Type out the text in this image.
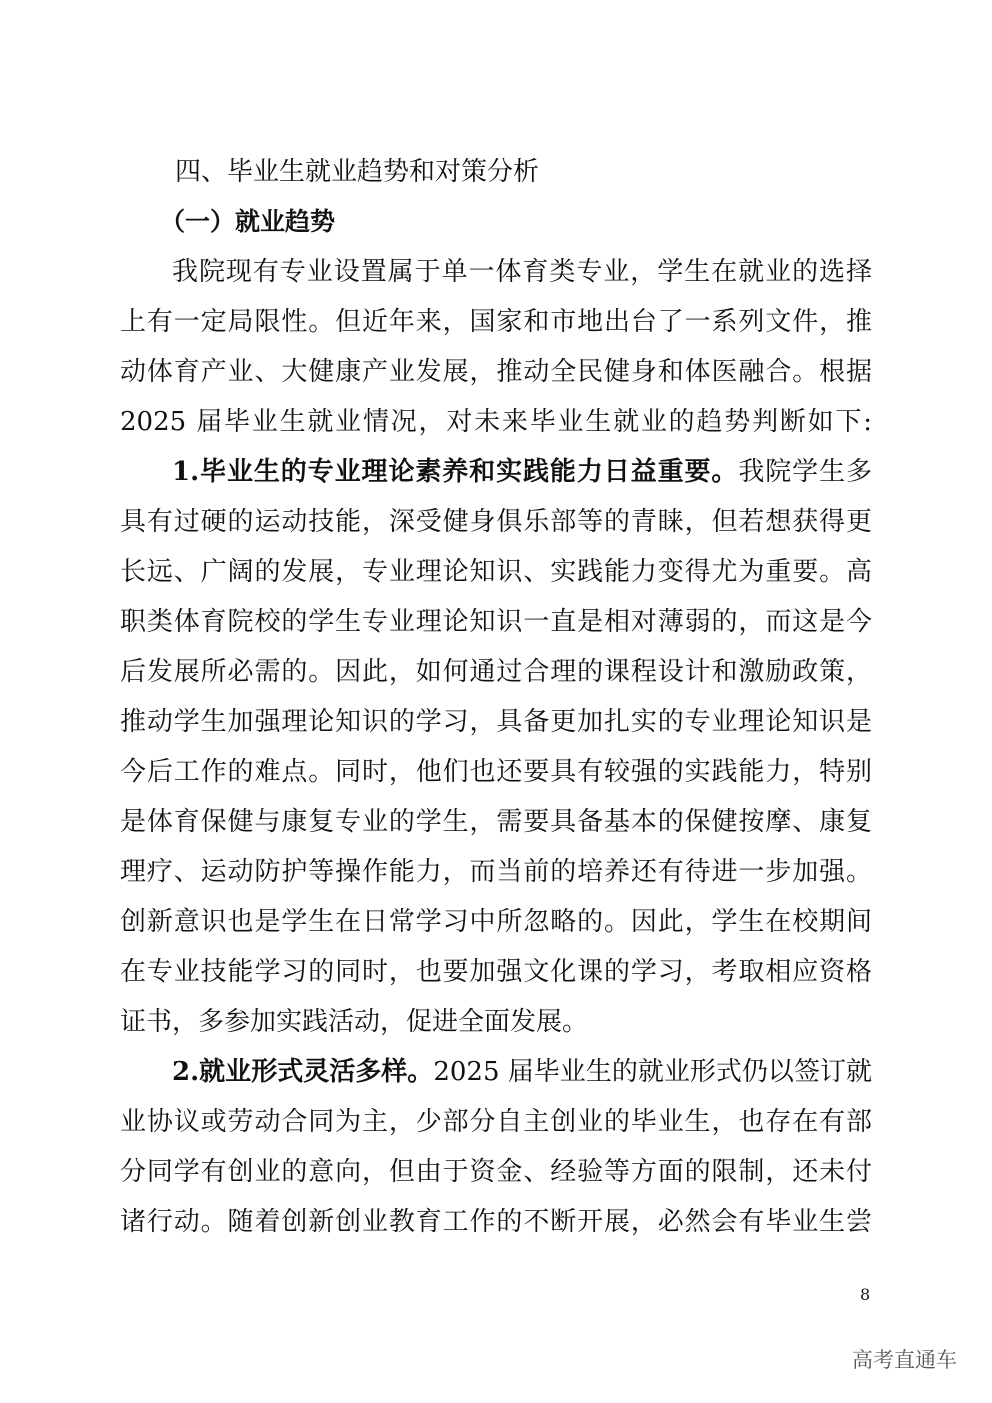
四、毕业生就业趋势和对策分析
（一）就业趋势
我院现有专业设置属于单一体育类专业，学生在就业的选择
上有一定局限性。但近年来，国家和市地出台了一系列文件，推
动体育产业、大健康产业发展，推动全民健身和体医融合。根据
2025 届毕业生就业情况，对未来毕业生就业的趋势判断如下:
1.毕业生的专业理论素养和实践能力日益重要。我院学生多
具有过硬的运动技能，深受健身俱乐部等的青睐，但若想获得更
长远、广阔的发展，专业理论知识、实践能力变得尤为重要。高
职类体育院校的学生专业理论知识一直是相对薄弱的，而这是今
后发展所必需的。因此，如何通过合理的课程设计和激励政策，
推动学生加强理论知识的学习，具备更加扎实的专业理论知识是
今后工作的难点。同时，他们也还要具有较强的实践能力，特别
是体育保健与康复专业的学生，需要具备基本的保健按摩、康复
理疗、运动防护等操作能力，而当前的培养还有待进一步加强。
创新意识也是学生在日常学习中所忽略的。因此，学生在校期间
在专业技能学习的同时，也要加强文化课的学习，考取相应资格
证书，多参加实践活动，促进全面发展。
2.就业形式灵活多样。2025 届毕业生的就业形式仍以签订就
业协议或劳动合同为主，少部分自主创业的毕业生，也存在有部
分同学有创业的意向，但由于资金、经验等方面的限制，还未付
诸行动。随着创新创业教育工作的不断开展，必然会有毕业生尝
8
高考直通车
